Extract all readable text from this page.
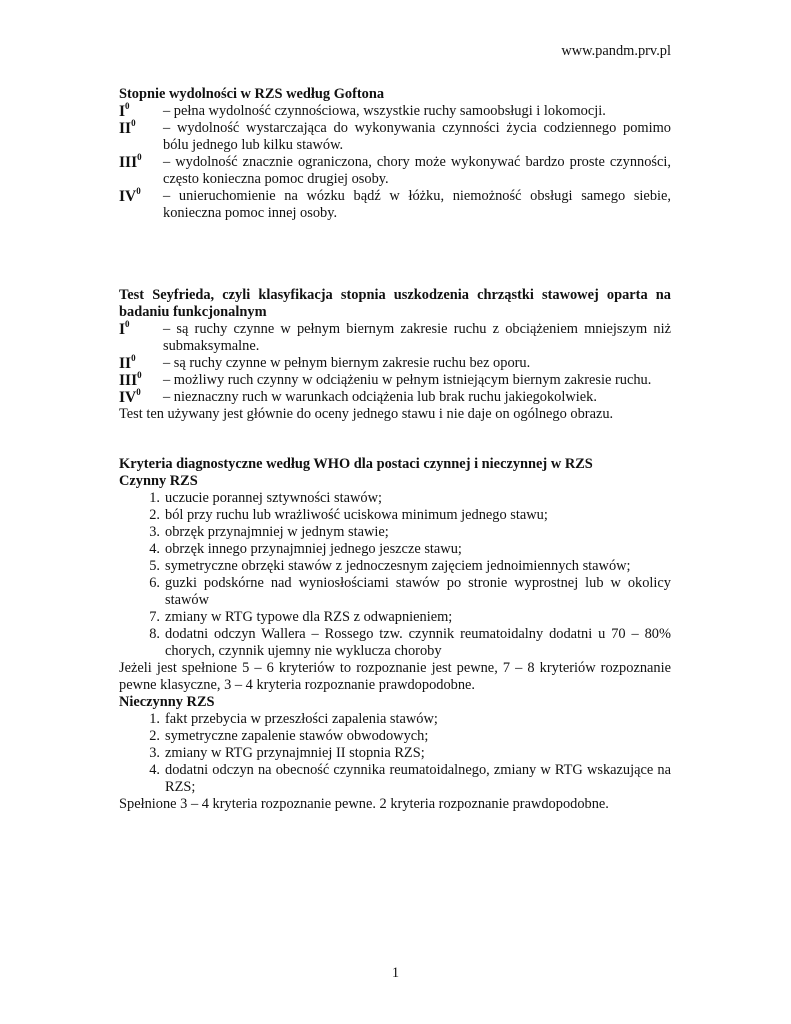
www.pandm.prv.pl
Stopnie wydolności w RZS według Goftona
$I^0$	– pełna wydolność czynnościowa, wszystkie ruchy samoobsługi i lokomocji.
$II^0$	– wydolność wystarczająca do wykonywania czynności życia codziennego pomimo bólu jednego lub kilku stawów.
III$^0$	– wydolność znacznie ograniczona, chory może wykonywać bardzo proste czynności, często konieczna pomoc drugiej osoby.
$IV^0$	– unieruchomienie na wózku bądź w łóżku, niemożność obsługi samego siebie, konieczna pomoc innej osoby.

Test Seyfrieda, czyli klasyfikacja stopnia uszkodzenia chrząstki stawowej oparta na badaniu funkcjonalnym

$I^0$	– są ruchy czynne w pełnym biernym zakresie ruchu z obciążeniem mniejszym niż submaksymalne.
$II^0$	– są ruchy czynne w pełnym biernym zakresie ruchu bez oporu.
III$^0$	– możliwy ruch czynny w odciążeniu w pełnym istniejącym biernym zakresie ruchu.
$IV^0$	– nieznaczny ruch w warunkach odciążenia lub brak ruchu jakiegokolwiek.

Test ten używany jest głównie do oceny jednego stawu i nie daje on ogólnego obrazu.

Kryteria diagnostyczne według WHO dla postaci czynnej i nieczynnej w RZS
Czynny RZS
1. uczucie porannej sztywności stawów;
2. ból przy ruchu lub wrażliwość uciskowa minimum jednego stawu;
3. obrzęk przynajmniej w jednym stawie;
4. obrzęk innego przynajmniej jednego jeszcze stawu;
5. symetryczne obrzęki stawów z jednoczesnym zajęciem jednoimiennych stawów;
6. guzki podskórne nad wyniosłościami stawów po stronie wyprostnej lub w okolicy stawów
7. zmiany w RTG typowe dla RZS z odwapnieniem;
8. dodatni odczyn Wallera – Rossego tzw. czynnik reumatoidalny dodatni u 70 – 80% chorych, czynnik ujemny nie wyklucza choroby

Jeżeli jest spełnione 5 – 6 kryteriów to rozpoznanie jest pewne, 7 – 8 kryteriów rozpoznanie pewne klasyczne, 3 – 4 kryteria rozpoznanie prawdopodobne.

Nieczynny RZS
1. fakt przebycia w przeszłości zapalenia stawów;
2. symetryczne zapalenie stawów obwodowych;
3. zmiany w RTG przynajmniej II stopnia RZS;
4. dodatni odczyn na obecność czynnika reumatoidalnego, zmiany w RTG wskazujące na RZS;

Spełnione 3 – 4 kryteria rozpoznanie pewne. 2 kryteria rozpoznanie prawdopodobne.

1
